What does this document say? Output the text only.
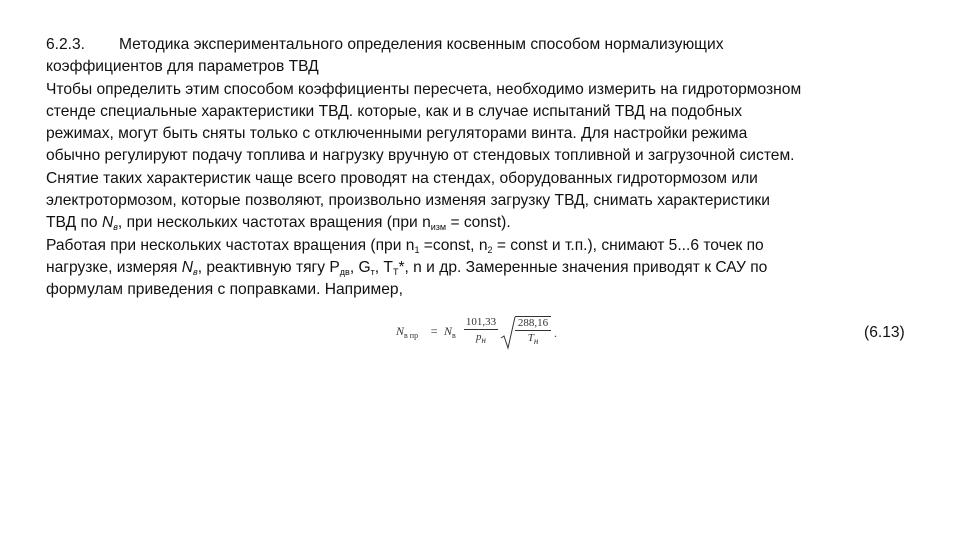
6.2.3. Методика экспериментального определения косвенным способом нормализующих
коэффициентов для параметров ТВД
Чтобы определить этим способом коэффициенты пересчета, необходимо измерить на гидротормозном
стенде специальные характеристики ТВД. которые, как и в случае испытаний ТВД на подобных
режимах, могут быть сняты только с отключенными регуляторами винта. Для настройки режима
обычно регулируют подачу топлива и нагрузку вручную от стендовых топливной и загрузочной систем.
Снятие таких характеристик чаще всего проводят на стендах, оборудованных гидротормозом или
электротормозом, которые позволяют, произвольно изменяя загрузку ТВД, снимать характеристики
ТВД по $N_в$, при нескольких частотах вращения (при $n_{изм}$ = const).
Работая при нескольких частотах вращения (при $n_1$ =const, $n_2$ = const и т.п.), снимают 5...6 точек по
нагрузке, измеряя $N_в$, реактивную тягу $P_{дв}$, $G_т$, $T_Т*$, n и др. Замеренные значения приводят к САУ по
формулам приведения с поправками. Например,
$N_{в пр} = N_в$
101,33
$p_н$
288,16
$T_н$
.	(6.13)
